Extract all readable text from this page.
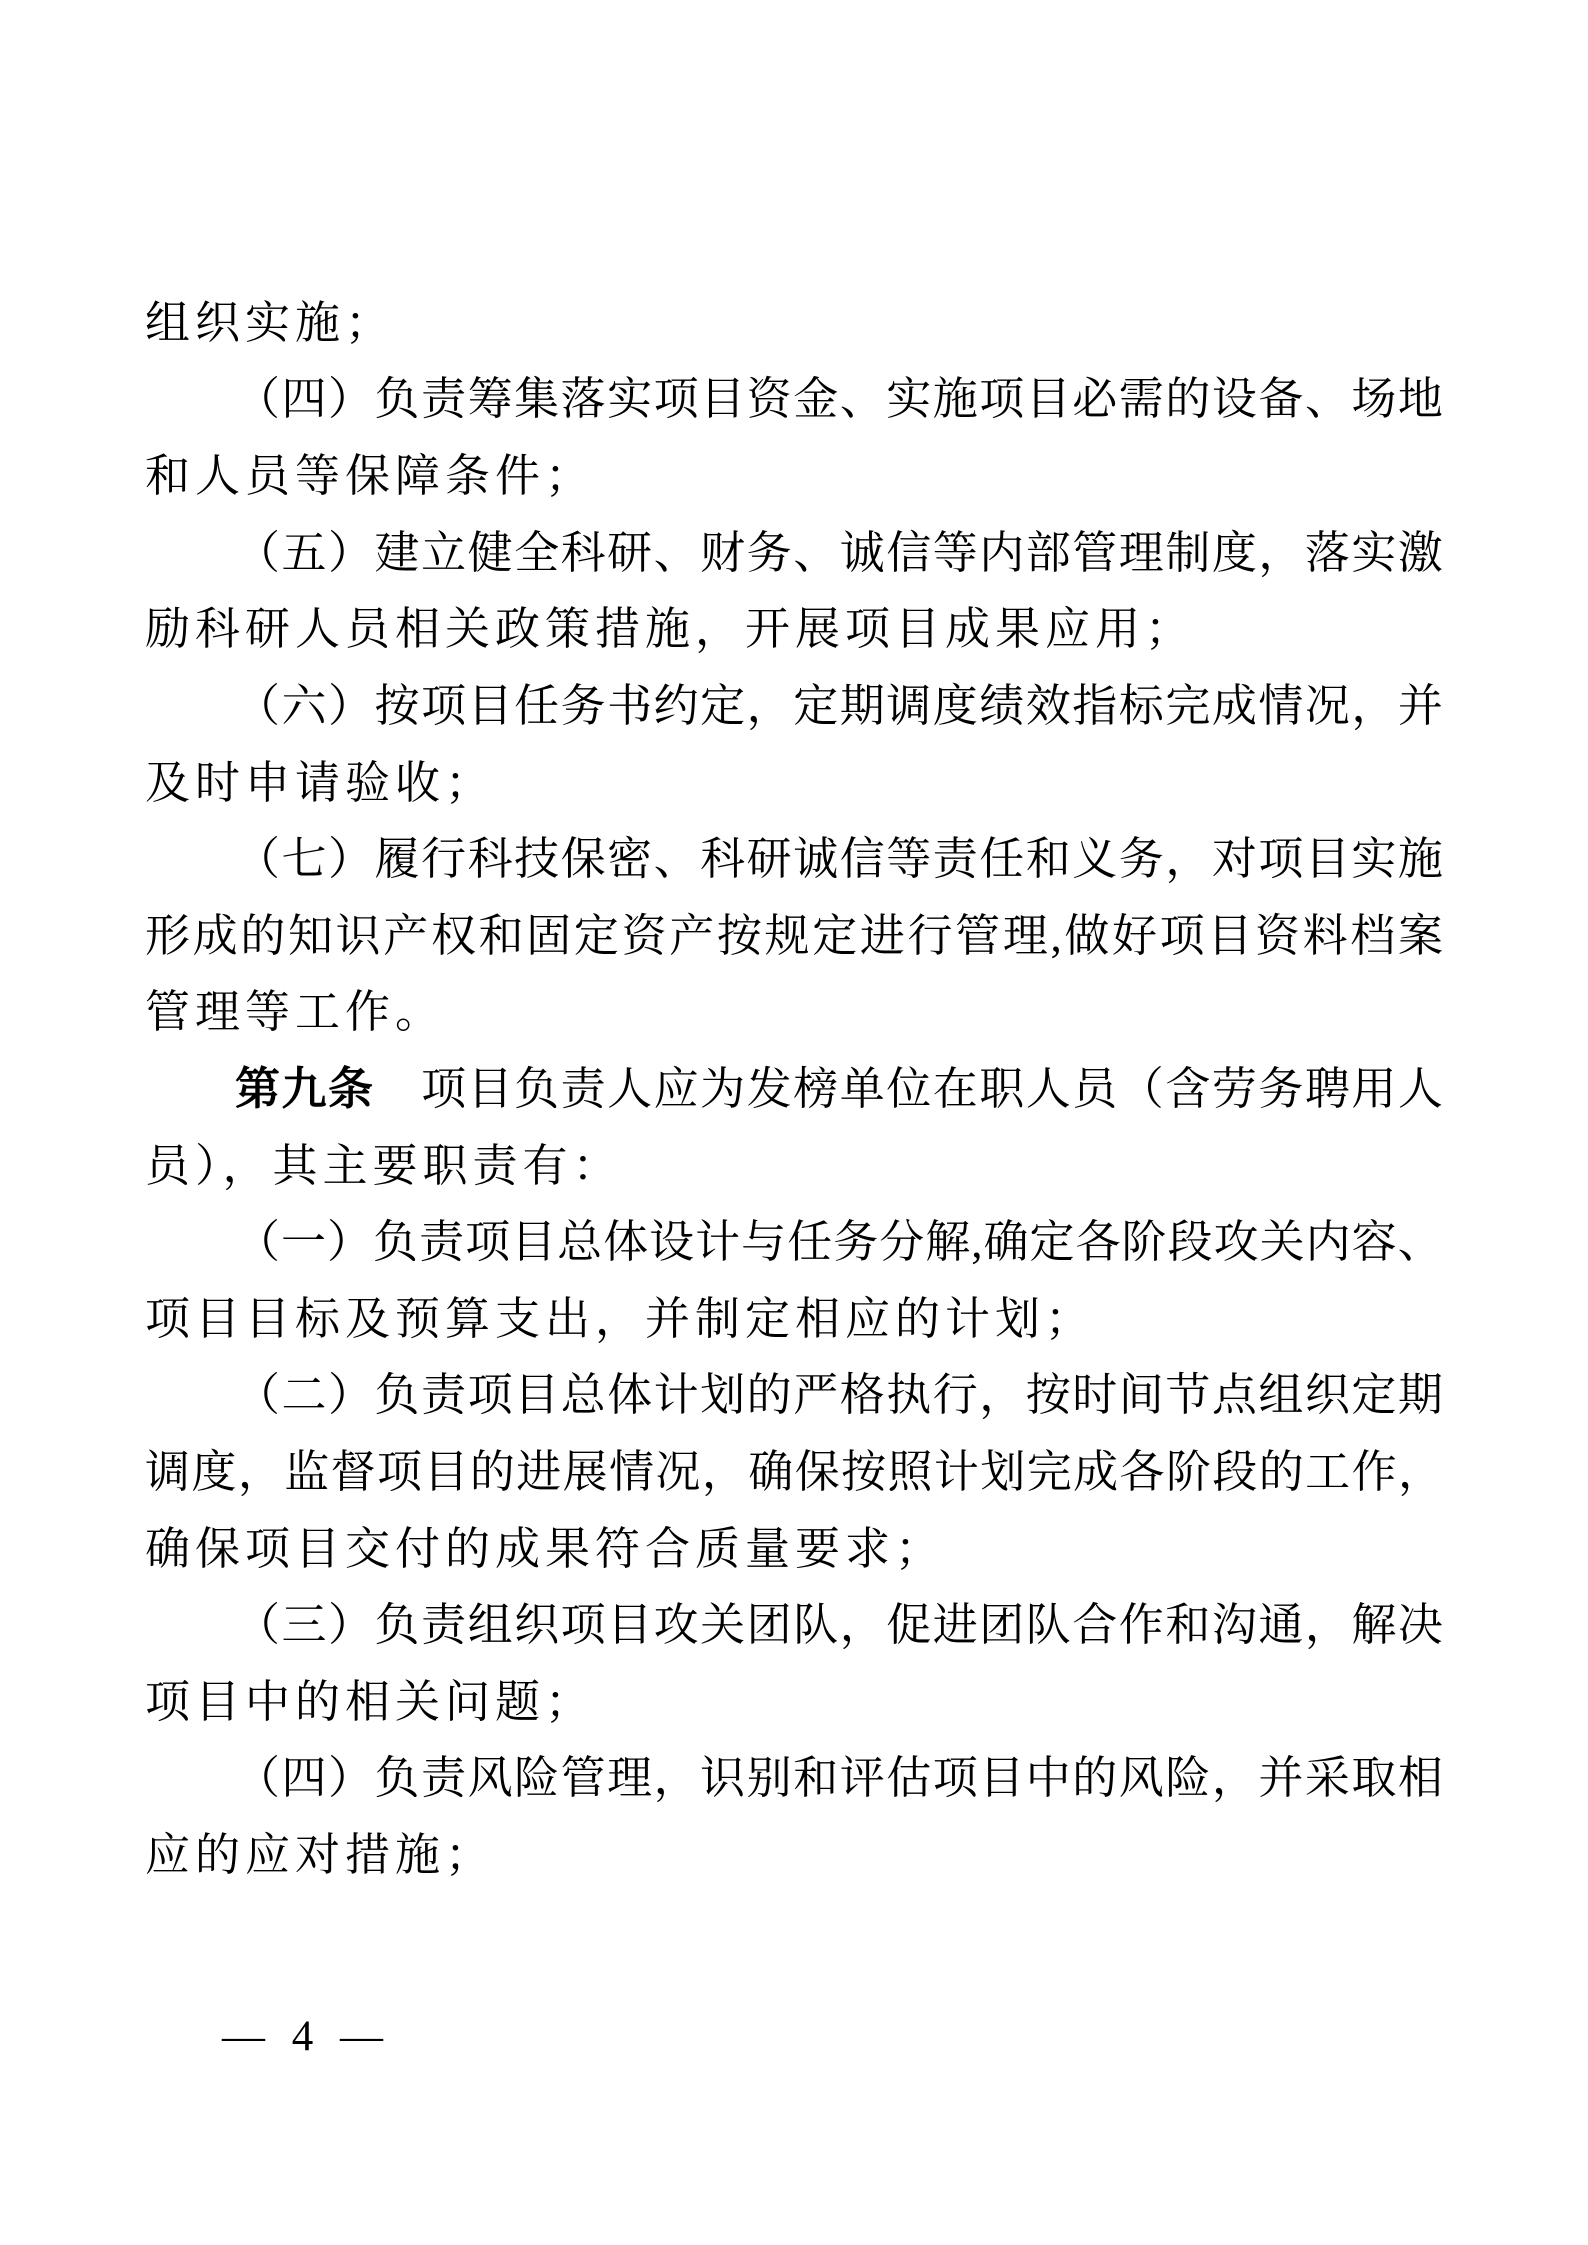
组织实施；
（ 四 ） 负 责 筹 集 落 实 项 目 资 金 、 实 施 项 目 必 需 的 设 备 、 场 地
和人员等保障条件；
（ 五 ） 建 立 健 全 科 研 、 财 务 、 诚 信 等 内 部 管 理 制 度 ， 落 实 激
励科研人员相关政策措施，开展项目成果应用；
（ 六 ） 按 项 目 任 务 书 约 定 ， 定 期 调 度 绩 效 指 标 完 成 情 况 ， 并
及时申请验收；
（ 七 ） 履 行 科 技 保 密 、 科 研 诚 信 等 责 任 和 义 务 ， 对 项 目 实 施
形 成 的 知 识 产 权 和 固 定 资 产 按 规 定 进 行 管 理 , 做 好 项 目 资 料 档 案
管理等工作。
第 九 条
　 项 目 负 责 人 应 为 发 榜 单 位 在 职 人 员 （ 含 劳 务 聘 用 人
员），其主要职责有：
（ 一 ） 负 责 项 目 总 体 设 计 与 任 务 分 解 , 确 定 各 阶 段 攻 关 内 容 、
项目目标及预算支出，并制定相应的计划；
（ 二 ） 负 责 项 目 总 体 计 划 的 严 格 执 行 ， 按 时 间 节 点 组 织 定 期
调 度 ， 监 督 项 目 的 进 展 情 况 ， 确 保 按 照 计 划 完 成 各 阶 段 的 工 作 ，
确保项目交付的成果符合质量要求；
（ 三 ） 负 责 组 织 项 目 攻 关 团 队 ， 促 进 团 队 合 作 和 沟 通 ， 解 决
项目中的相关问题；
（ 四 ） 负 责 风 险 管 理 ， 识 别 和 评 估 项 目 中 的 风 险 ， 并 采 取 相
应的应对措施；
— 4 —
